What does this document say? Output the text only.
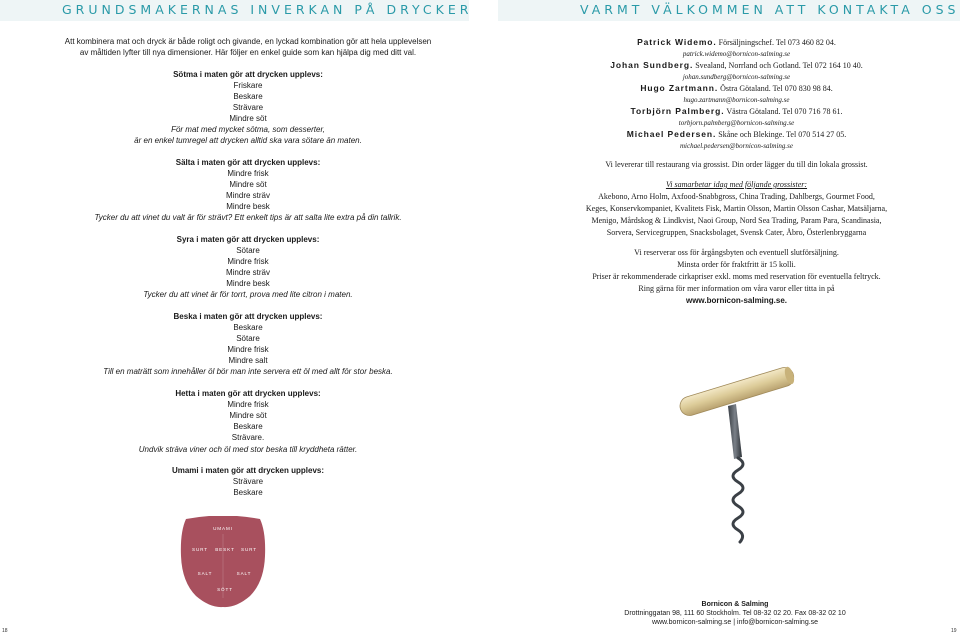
GRUNDSMAKERNAS INVERKAN PÅ DRYCKER	VARMT VÄLKOMMEN ATT KONTAKTA OSS
Att kombinera mat och dryck är både roligt och givande, en lyckad kombination gör att hela upplevelsen
av måltiden lyfter till nya dimensioner. Här följer en enkel guide som kan hjälpa dig med ditt val.
Sötma i maten gör att drycken upplevs:
Friskare
Beskare
Strävare
Mindre söt
För mat med mycket sötma, som desserter,
är en enkel tumregel att drycken alltid ska vara sötare än maten.
Sälta i maten gör att drycken upplevs:
Mindre frisk
Mindre söt
Mindre sträv
Mindre besk
Tycker du att vinet du valt är för strävt? Ett enkelt tips är att salta lite extra på din tallrik.
Syra i maten gör att drycken upplevs:
Sötare
Mindre frisk
Mindre sträv
Mindre besk
Tycker du att vinet är för torrt, prova med lite citron i maten.
Beska i maten gör att drycken upplevs:
Beskare
Sötare
Mindre frisk
Mindre salt
Till en maträtt som innehåller öl bör man inte servera ett öl med allt för stor beska.
Hetta i maten gör att drycken upplevs:
Mindre frisk
Mindre söt
Beskare
Strävare.
Undvik sträva viner och öl med stor beska till kryddheta rätter.
Umami i maten gör att drycken upplevs:
Strävare
Beskare
UMAMI
SURT BESKT SURT
SALT	SALT
SÖTT
Patrick Widemo. Försäljningschef. Tel 073 460 82 04.
patrick.widemo@bornicon-salming.se
Johan Sundberg. Svealand, Norrland och Gotland. Tel 072 164 10 40.
johan.sundberg@bornicon-salming.se
Hugo Zartmann. Östra Götaland. Tel 070 830 98 84.
hugo.zartmann@bornicon-salming.se
Torbjörn Palmberg. Västra Götaland. Tel 070 716 78 61.
torbjorn.palmberg@bornicon-salming.se
Michael Pedersen. Skåne och Blekinge. Tel 070 514 27 05.
michael.pedersen@bornicon-salming.se
Vi levererar till restaurang via grossist. Din order lägger du till din lokala grossist.
Vi samarbetar idag med följande grossister:
Akebono, Arno Holm, Axfood-Snabbgross, China Trading, Dahlbergs, Gourmet Food,
Keges, Konservkompaniet, Kvalitets Fisk, Martin Olsson, Martin Olsson Cashar, Matsäljarna,
Menigo, Mårdskog & Lindkvist, Naoi Group, Nord Sea Trading, Param Para, Scandinasia,
Sorvera, Servicegruppen, Snacksbolaget, Svensk Cater, Åbro, Österlenbryggarna
Vi reserverar oss för årgångsbyten och eventuell slutförsäljning.
Minsta order för fraktfritt är 15 kolli.
Priser är rekommenderade cirkapriser exkl. moms med reservation för eventuella feltryck.
Ring gärna för mer information om våra varor eller titta in på
www.bornicon-salming.se.
Bornicon & Salming
Drottninggatan 98, 111 60 Stockholm. Tel 08-32 02 20. Fax 08-32 02 10
www.bornicon-salming.se | info@bornicon-salming.se
18	19
